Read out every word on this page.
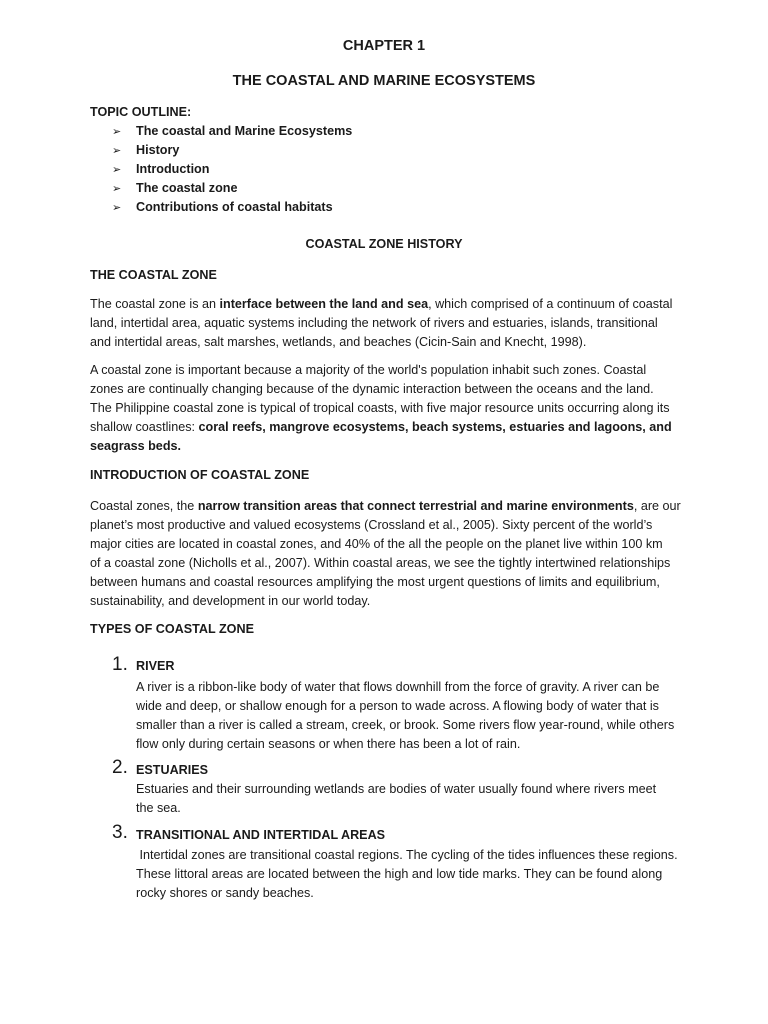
CHAPTER 1
THE COASTAL AND MARINE ECOSYSTEMS
TOPIC OUTLINE:
➢ The coastal and Marine Ecosystems
➢ History
➢ Introduction
➢ The coastal zone
➢ Contributions of coastal habitats
COASTAL ZONE HISTORY
THE COASTAL ZONE
The coastal zone is an interface between the land and sea, which comprised of a continuum of coastal
land, intertidal area, aquatic systems including the network of rivers and estuaries, islands, transitional
and intertidal areas, salt marshes, wetlands, and beaches (Cicin-Sain and Knecht, 1998).
A coastal zone is important because a majority of the world's population inhabit such zones. Coastal
zones are continually changing because of the dynamic interaction between the oceans and the land.
The Philippine coastal zone is typical of tropical coasts, with five major resource units occurring along its
shallow coastlines: coral reefs, mangrove ecosystems, beach systems, estuaries and lagoons, and
seagrass beds.
INTRODUCTION OF COASTAL ZONE
Coastal zones, the narrow transition areas that connect terrestrial and marine environments, are our
planet’s most productive and valued ecosystems (Crossland et al., 2005). Sixty percent of the world’s
major cities are located in coastal zones, and 40% of the all the people on the planet live within 100 km
of a coastal zone (Nicholls et al., 2007). Within coastal areas, we see the tightly intertwined relationships
between humans and coastal resources amplifying the most urgent questions of limits and equilibrium,
sustainability, and development in our world today.
TYPES OF COASTAL ZONE
1. RIVER
A river is a ribbon-like body of water that flows downhill from the force of gravity. A river can be
wide and deep, or shallow enough for a person to wade across. A flowing body of water that is
smaller than a river is called a stream, creek, or brook. Some rivers flow year-round, while others
flow only during certain seasons or when there has been a lot of rain.
2. ESTUARIES
Estuaries and their surrounding wetlands are bodies of water usually found where rivers meet
the sea.
3. TRANSITIONAL AND INTERTIDAL AREAS
Intertidal zones are transitional coastal regions. The cycling of the tides influences these regions.
These littoral areas are located between the high and low tide marks. They can be found along
rocky shores or sandy beaches.
